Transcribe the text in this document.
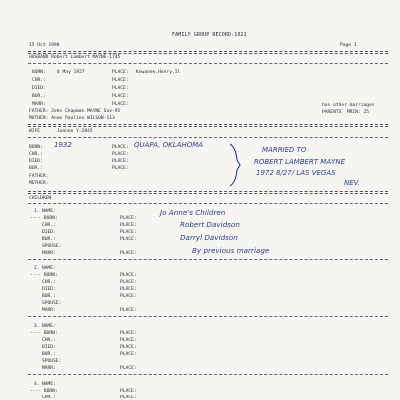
FAMILY GROUP RECORD-1021
15 Oct 1990	Page 1
HUSBAND Robert Lambert MAYNE-1745
BORN: 8 May 1927	PLACE: Kewanee,Henry,Il
CHR.:	PLACE:
DIED:	PLACE:
BUR.:	PLACE:
MARR:	PLACE:	has other marriages
FATHER: John Chapman MAYNE Sov-95	PARENTS' MRIN: 25
MOTHER: Anne Pauline WILSON-113
WIFE      Joanne Y-2845
BORN:	PLACE:
CHR.:	PLACE:
DIED:	PLACE:
BUR.:	PLACE:
FATHER:
MOTHER:
1932	QUAPA, OKLAHOMA
MARRIED TO
ROBERT LAMBERT MAYNE
1972 8/27/ LAS VEGAS
NEV.
CHILDREN
1. NAME:
---- BORN:	PLACE:
CHR.:	PLACE:
DIED:	PLACE:
BUR.:	PLACE:
SPOUSE:
MARR:	PLACE:
Jo Anne's Children
Robert Davidson
Darryl Davidson
By previous marriage
2. NAME:
---- BORN:	PLACE:
CHR.:	PLACE:
DIED:	PLACE:
BUR.:	PLACE:
SPOUSE:
MARR:	PLACE:
3. NAME:
---- BORN:	PLACE:
CHR.:	PLACE:
DIED:	PLACE:
BUR.:	PLACE:
SPOUSE:
MARR:	PLACE:
4. NAME:
---- BORN:	PLACE:
CHR.:	PLACE:
